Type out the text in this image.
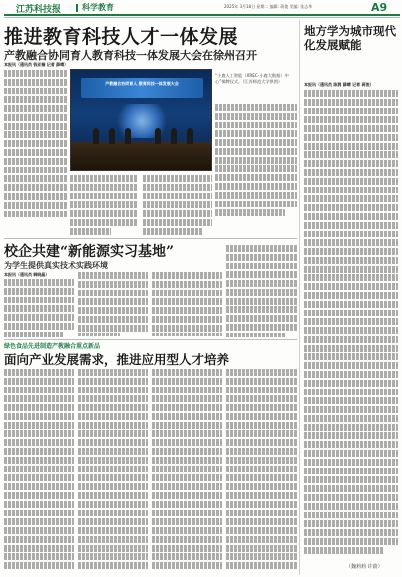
江苏科技报	科学教育	2025年 3月18日 星期二 编辑: 蒋俊 美编: 张志华	A9
推进教育科技人才一体发展
产教融合协同育人教育科技一体发展大会在徐州召开
本报讯（通讯员 钱亚楠 记者 薛晴）
产教融合协同育人 教育科技一体发展大会
“小鹿人工智能（XREC-小鹿大数据）中心”揭牌仪式。（江苏师范大学供图）
地方学为城市现代化发展赋能
本报讯（通讯员 陈润 薛晴 记者 蒋俊）
校企共建“新能源实习基地”
为学生提供真实技术实践环境
本报讯（通讯员 韩晓晶）
绿色食品先进制造产教融合重点新品
面向产业发展需求，推进应用型人才培养
（魏莉莉 许蔚）
